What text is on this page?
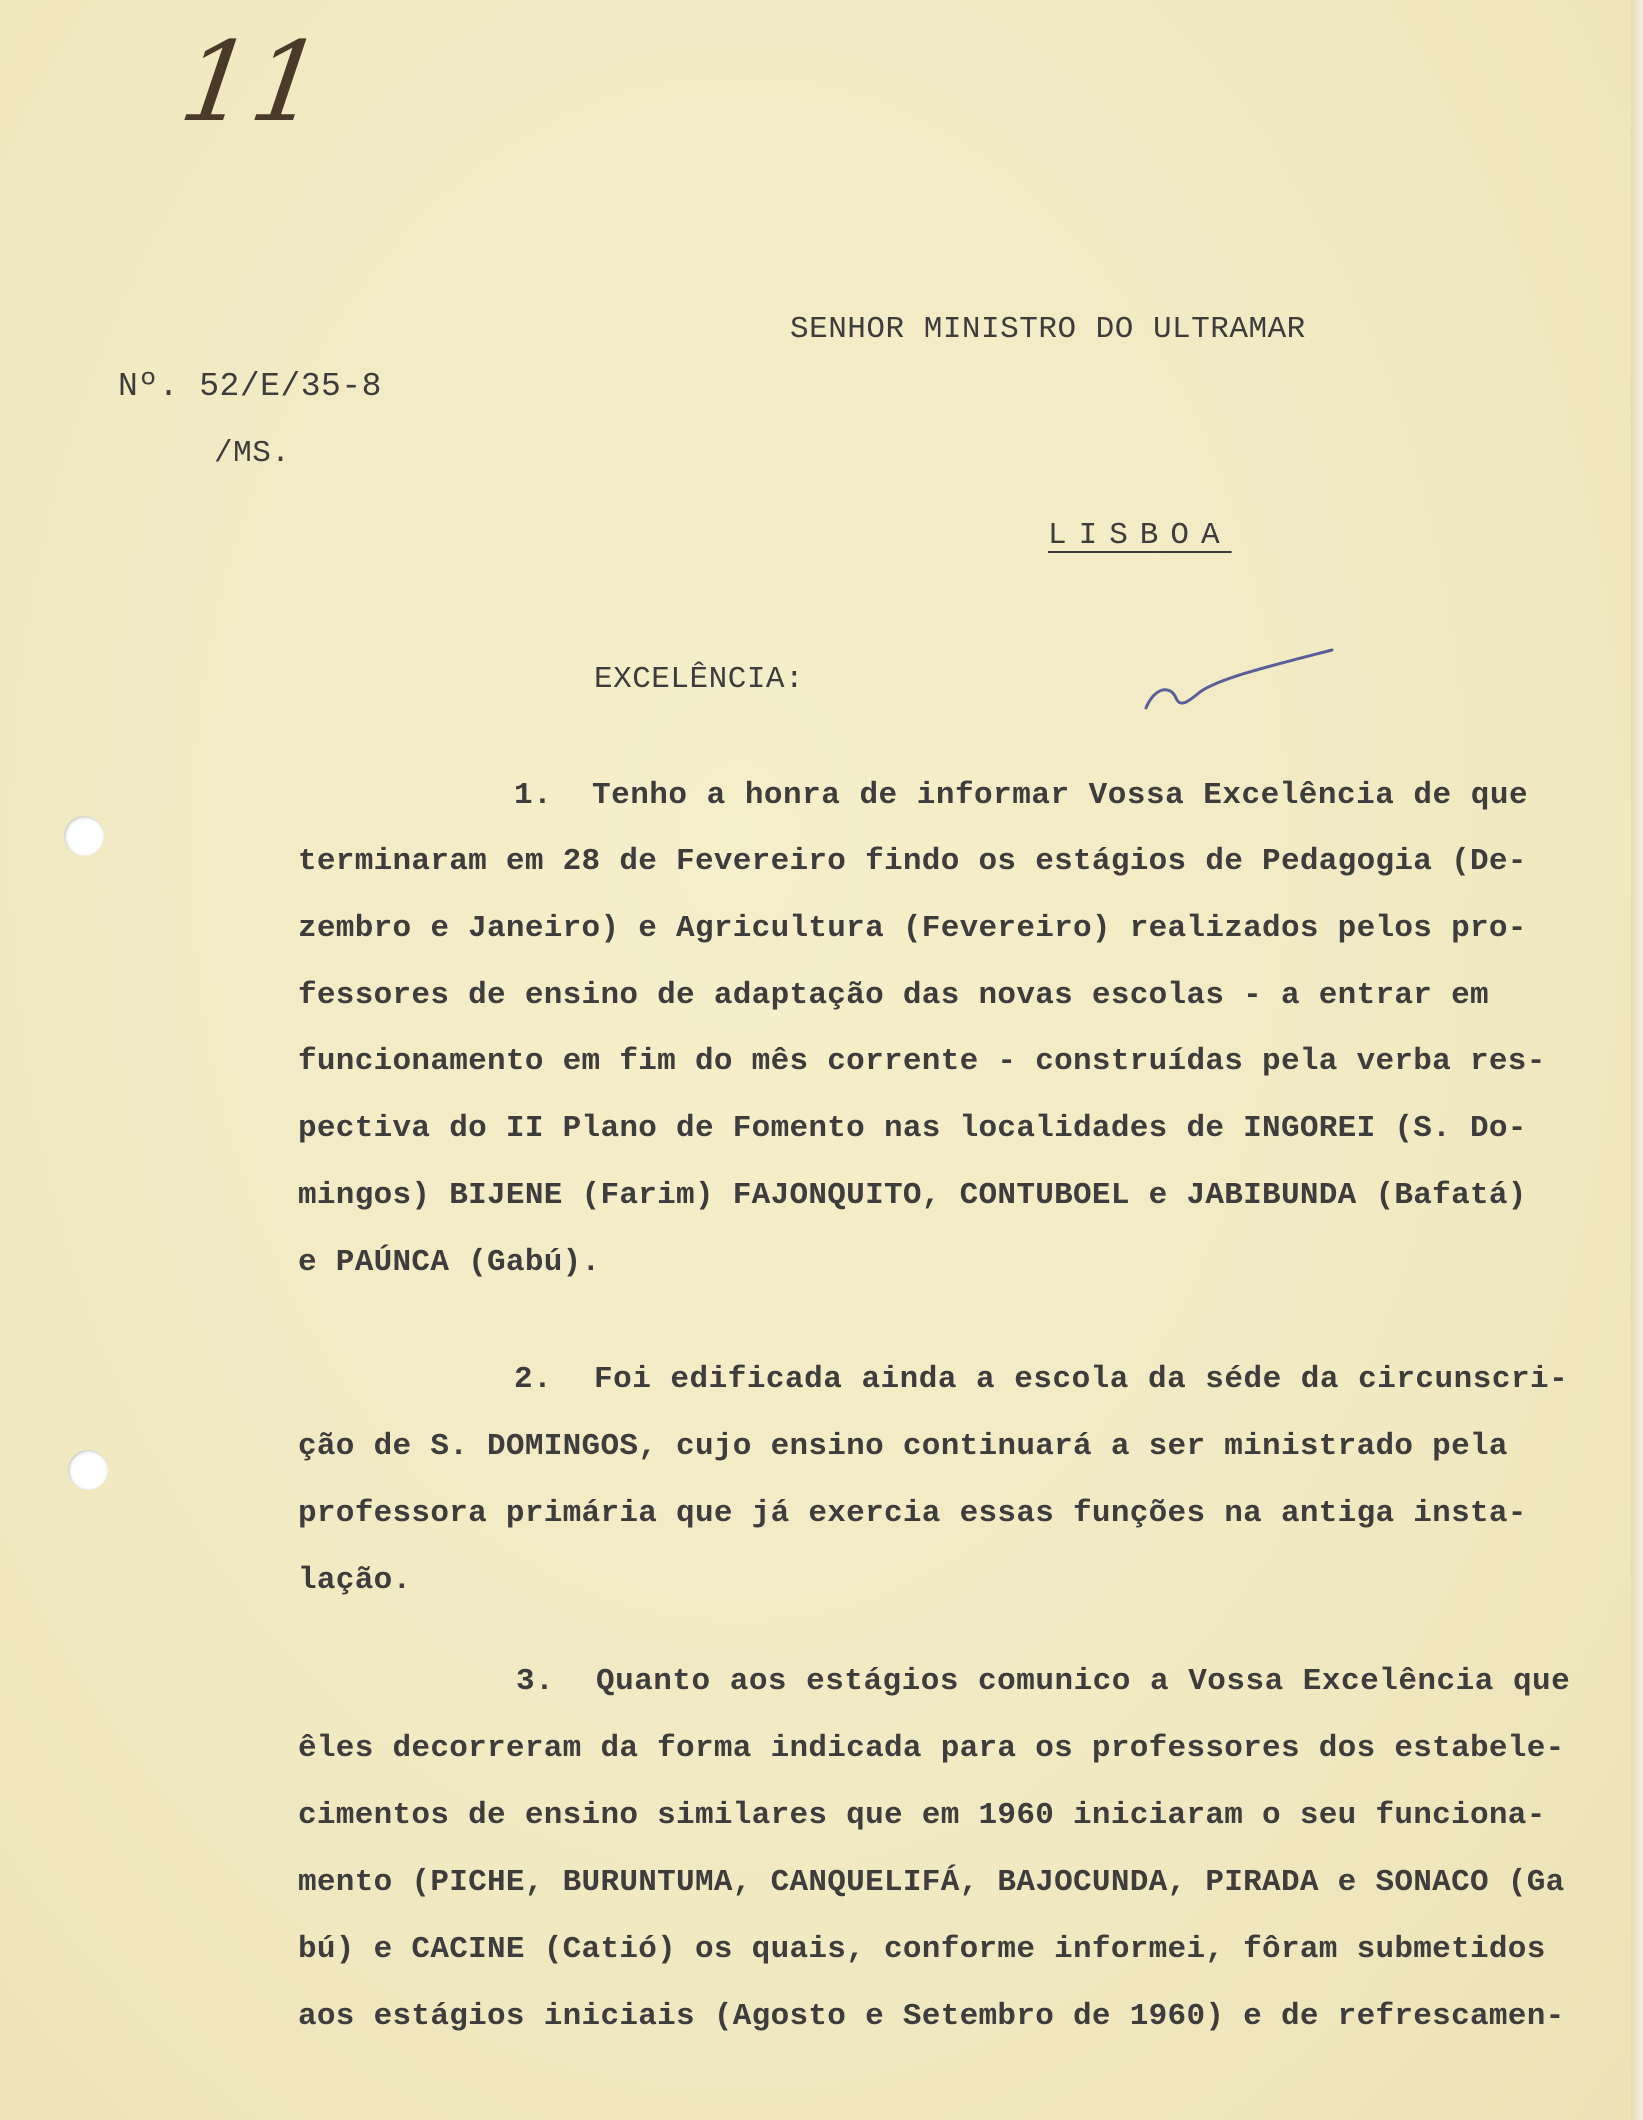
11
SENHOR MINISTRO DO ULTRAMAR
Nº. 52/E/35-8
/MS.
LISBOA
EXCELÊNCIA:
1. Tenho a honra de informar Vossa Excelência de que
terminaram em 28 de Fevereiro findo os estágios de Pedagogia (De-
zembro e Janeiro) e Agricultura (Fevereiro) realizados pelos pro-
fessores de ensino de adaptação das novas escolas - a entrar em
funcionamento em fim do mês corrente - construídas pela verba res-
pectiva do II Plano de Fomento nas localidades de INGOREI (S. Do-
mingos) BIJENE (Farim) FAJONQUITO, CONTUBOEL e JABIBUNDA (Bafatá)
e PAÚNCA (Gabú).
2. Foi edificada ainda a escola da séde da circunscri-
ção de S. DOMINGOS, cujo ensino continuará a ser ministrado pela
professora primária que já exercia essas funções na antiga insta-
lação.
3. Quanto aos estágios comunico a Vossa Excelência que
êles decorreram da forma indicada para os professores dos estabele-
cimentos de ensino similares que em 1960 iniciaram o seu funciona-
mento (PICHE, BURUNTUMA, CANQUELIFÁ, BAJOCUNDA, PIRADA e SONACO (Ga
bú) e CACINE (Catió) os quais, conforme informei, fôram submetidos
aos estágios iniciais (Agosto e Setembro de 1960) e de refrescamen-
